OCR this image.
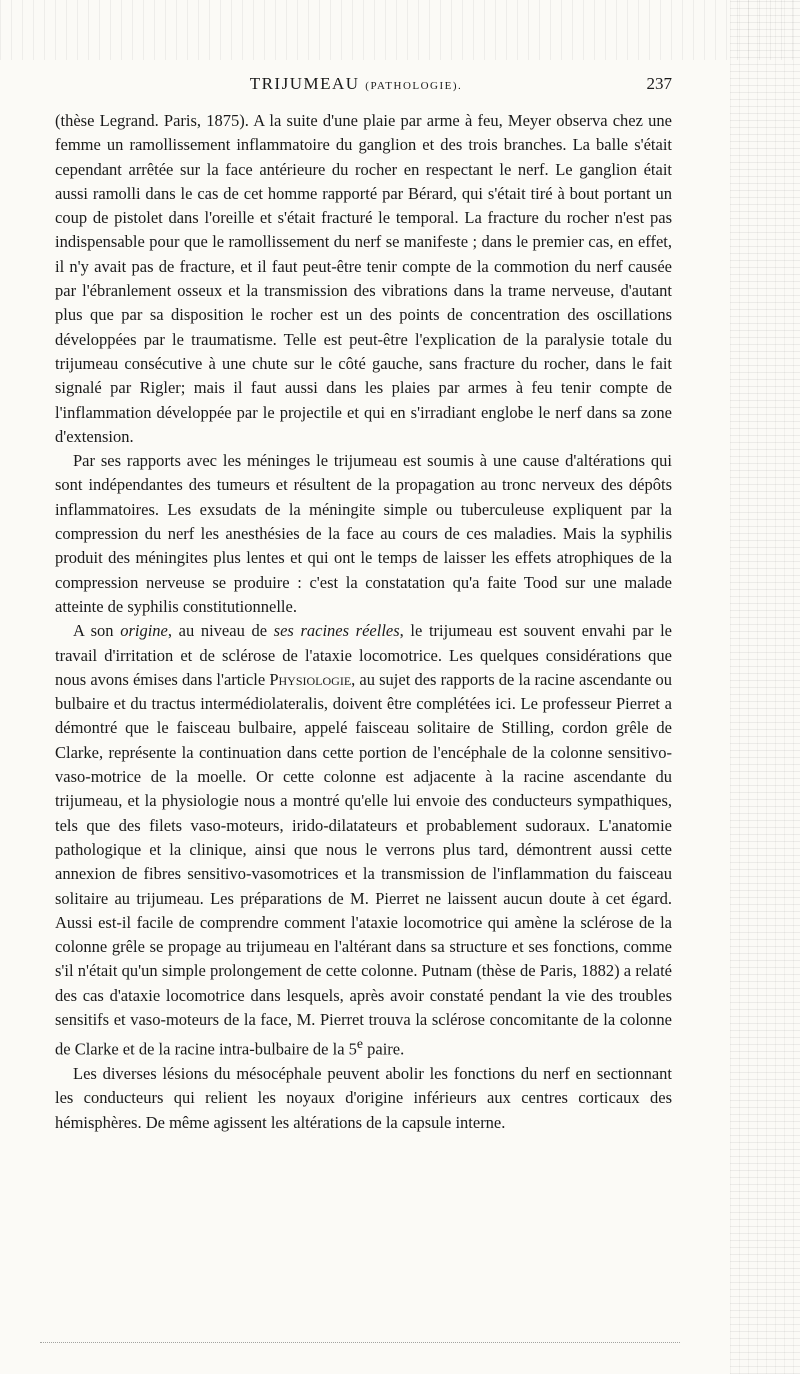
TRIJUMEAU (PATHOLOGIE).	237

(thèse Legrand. Paris, 1875). A la suite d'une plaie par arme à feu, Meyer observa chez une femme un ramollissement inflammatoire du ganglion et des trois branches. La balle s'était cependant arrêtée sur la face antérieure du rocher en respectant le nerf. Le ganglion était aussi ramolli dans le cas de cet homme rapporté par Bérard, qui s'était tiré à bout portant un coup de pistolet dans l'oreille et s'était fracturé le temporal. La fracture du rocher n'est pas indispensable pour que le ramollissement du nerf se manifeste ; dans le premier cas, en effet, il n'y avait pas de fracture, et il faut peut-être tenir compte de la commotion du nerf causée par l'ébranlement osseux et la transmission des vibrations dans la trame nerveuse, d'autant plus que par sa disposition le rocher est un des points de concentration des oscillations développées par le traumatisme. Telle est peut-être l'explication de la paralysie totale du trijumeau consécutive à une chute sur le côté gauche, sans fracture du rocher, dans le fait signalé par Rigler; mais il faut aussi dans les plaies par armes à feu tenir compte de l'inflammation développée par le projectile et qui en s'irradiant englobe le nerf dans sa zone d'extension.

Par ses rapports avec les méninges le trijumeau est soumis à une cause d'altérations qui sont indépendantes des tumeurs et résultent de la propagation au tronc nerveux des dépôts inflammatoires. Les exsudats de la méningite simple ou tuberculeuse expliquent par la compression du nerf les anesthésies de la face au cours de ces maladies. Mais la syphilis produit des méningites plus lentes et qui ont le temps de laisser les effets atrophiques de la compression nerveuse se produire : c'est la constatation qu'a faite Tood sur une malade atteinte de syphilis constitutionnelle.

A son origine, au niveau de ses racines réelles, le trijumeau est souvent envahi par le travail d'irritation et de sclérose de l'ataxie locomotrice. Les quelques considérations que nous avons émises dans l'article Physiologie, au sujet des rapports de la racine ascendante ou bulbaire et du tractus intermédiolateralis, doivent être complétées ici. Le professeur Pierret a démontré que le faisceau bulbaire, appelé faisceau solitaire de Stilling, cordon grêle de Clarke, représente la continuation dans cette portion de l'encéphale de la colonne sensitivo-vaso-motrice de la moelle. Or cette colonne est adjacente à la racine ascendante du trijumeau, et la physiologie nous a montré qu'elle lui envoie des conducteurs sympathiques, tels que des filets vaso-moteurs, irido-dilatateurs et probablement sudoraux. L'anatomie pathologique et la clinique, ainsi que nous le verrons plus tard, démontrent aussi cette annexion de fibres sensitivo-vasomotrices et la transmission de l'inflammation du faisceau solitaire au trijumeau. Les préparations de M. Pierret ne laissent aucun doute à cet égard. Aussi est-il facile de comprendre comment l'ataxie locomotrice qui amène la sclérose de la colonne grêle se propage au trijumeau en l'altérant dans sa structure et ses fonctions, comme s'il n'était qu'un simple prolongement de cette colonne. Putnam (thèse de Paris, 1882) a relaté des cas d'ataxie locomotrice dans lesquels, après avoir constaté pendant la vie des troubles sensitifs et vaso-moteurs de la face, M. Pierret trouva la sclérose concomitante de la colonne de Clarke et de la racine intra-bulbaire de la 5e paire.

Les diverses lésions du mésocéphale peuvent abolir les fonctions du nerf en sectionnant les conducteurs qui relient les noyaux d'origine inférieurs aux centres corticaux des hémisphères. De même agissent les altérations de la capsule interne.
